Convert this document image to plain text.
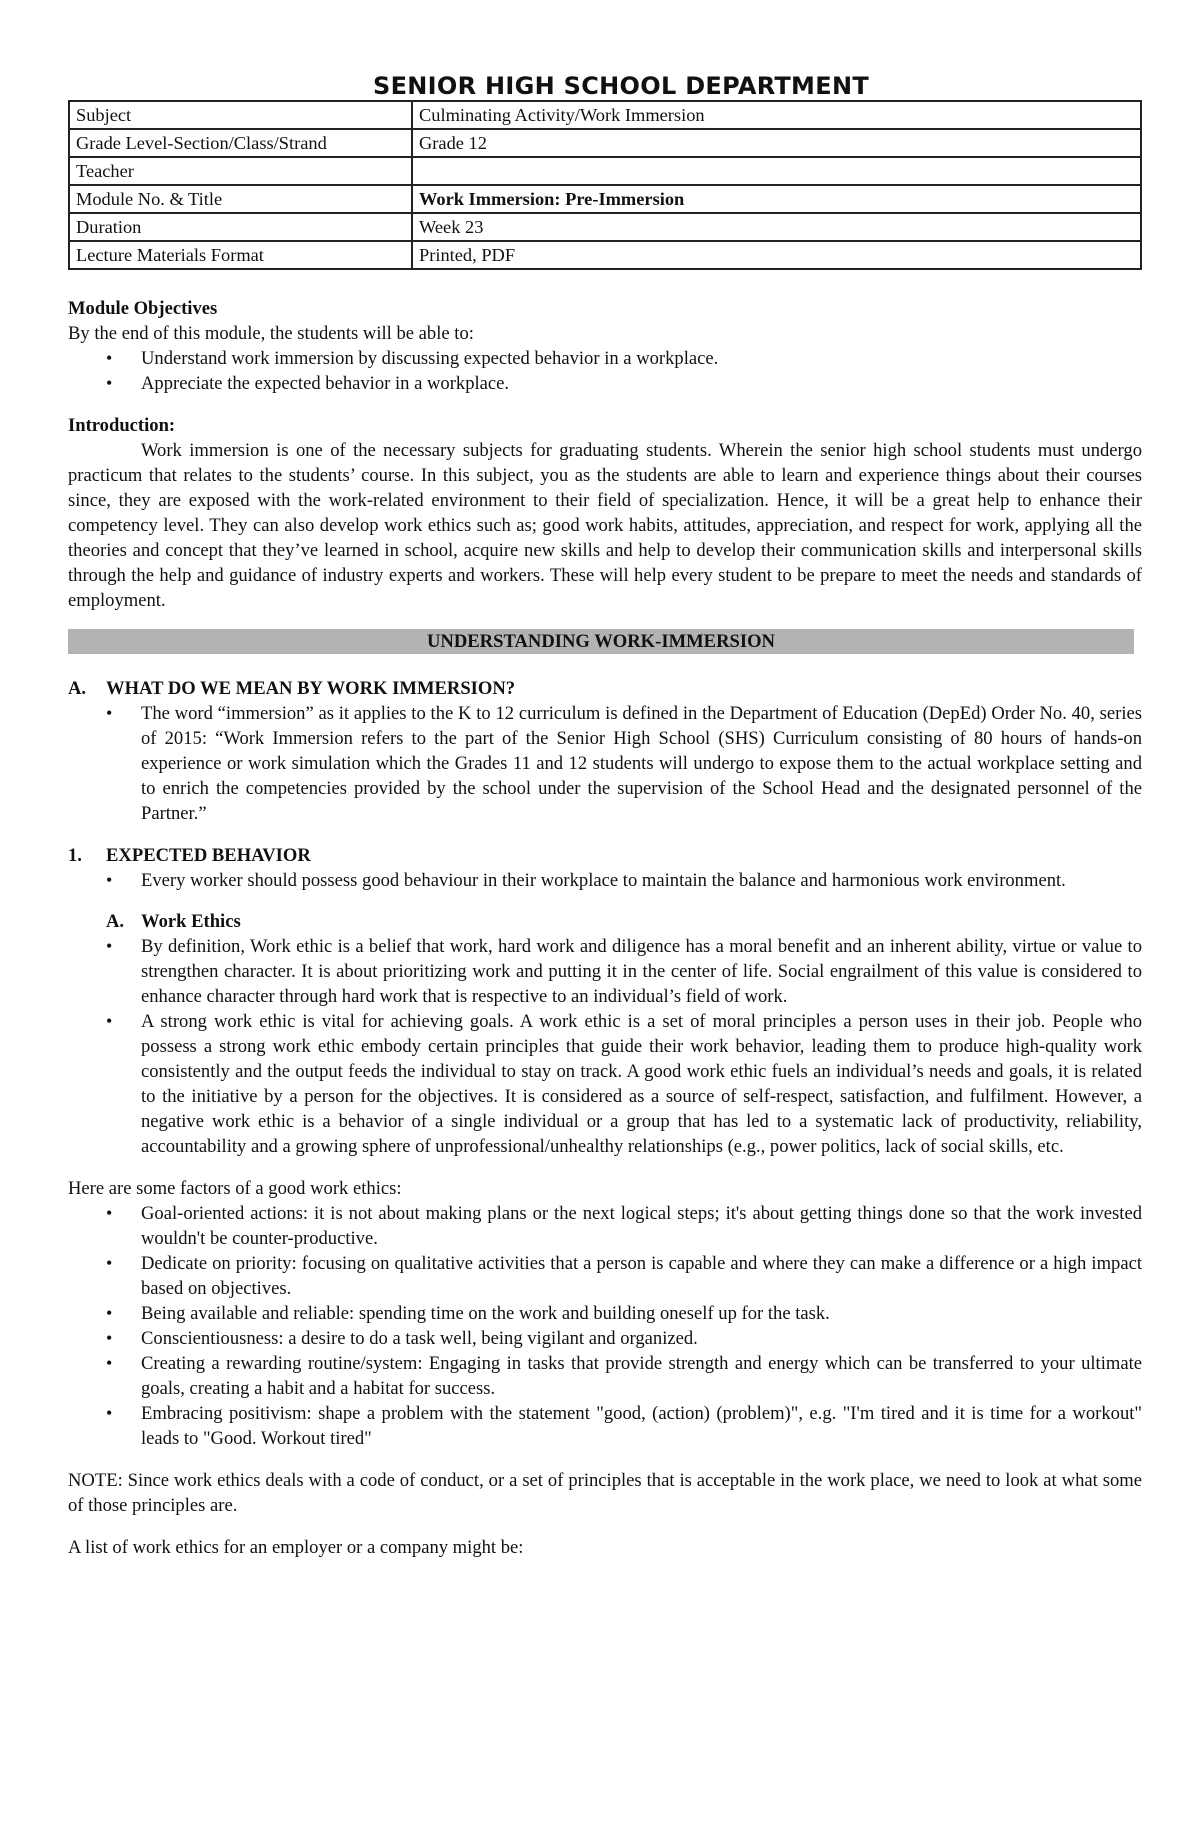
SENIOR HIGH SCHOOL DEPARTMENT
Subject	Culminating Activity/Work Immersion
Grade Level-Section/Class/Strand	Grade 12
Teacher	
Module No. & Title	Work Immersion: Pre-Immersion
Duration	Week 23
Lecture Materials Format	Printed, PDF
Module Objectives

By the end of this module, the students will be able to:

• Understand work immersion by discussing expected behavior in a workplace.
• Appreciate the expected behavior in a workplace.
Introduction:

Work immersion is one of the necessary subjects for graduating students. Wherein the senior high school students must undergo practicum that relates to the students’ course. In this subject, you as the students are able to learn and experience things about their courses since, they are exposed with the work-related environment to their field of specialization. Hence, it will be a great help to enhance their competency level. They can also develop work ethics such as; good work habits, attitudes, appreciation, and respect for work, applying all the theories and concept that they’ve learned in school, acquire new skills and help to develop their communication skills and interpersonal skills through the help and guidance of industry experts and workers. These will help every student to be prepare to meet the needs and standards of employment.

UNDERSTANDING WORK-IMMERSION
A. WHAT DO WE MEAN BY WORK IMMERSION?
• The word “immersion” as it applies to the K to 12 curriculum is defined in the Department of Education (DepEd) Order No. 40, series of 2015: “Work Immersion refers to the part of the Senior High School (SHS) Curriculum consisting of 80 hours of hands-on experience or work simulation which the Grades 11 and 12 students will undergo to expose them to the actual workplace setting and to enrich the competencies provided by the school under the supervision of the School Head and the designated personnel of the Partner.”
1. EXPECTED BEHAVIOR
• Every worker should possess good behaviour in their workplace to maintain the balance and harmonious work environment.
A. Work Ethics
• By definition, Work ethic is a belief that work, hard work and diligence has a moral benefit and an inherent ability, virtue or value to strengthen character. It is about prioritizing work and putting it in the center of life. Social engrailment of this value is considered to enhance character through hard work that is respective to an individual’s field of work.
• A strong work ethic is vital for achieving goals. A work ethic is a set of moral principles a person uses in their job. People who possess a strong work ethic embody certain principles that guide their work behavior, leading them to produce high-quality work consistently and the output feeds the individual to stay on track. A good work ethic fuels an individual’s needs and goals, it is related to the initiative by a person for the objectives. It is considered as a source of self-respect, satisfaction, and fulfilment. However, a negative work ethic is a behavior of a single individual or a group that has led to a systematic lack of productivity, reliability, accountability and a growing sphere of unprofessional/unhealthy relationships (e.g., power politics, lack of social skills, etc.

Here are some factors of a good work ethics:

• Goal-oriented actions: it is not about making plans or the next logical steps; it's about getting things done so that the work invested wouldn't be counter-productive.
• Dedicate on priority: focusing on qualitative activities that a person is capable and where they can make a difference or a high impact based on objectives.
• Being available and reliable: spending time on the work and building oneself up for the task.
• Conscientiousness: a desire to do a task well, being vigilant and organized.
• Creating a rewarding routine/system: Engaging in tasks that provide strength and energy which can be transferred to your ultimate goals, creating a habit and a habitat for success.
• Embracing positivism: shape a problem with the statement "good, (action) (problem)", e.g. "I'm tired and it is time for a workout" leads to "Good. Workout tired"

NOTE: Since work ethics deals with a code of conduct, or a set of principles that is acceptable in the work place, we need to look at what some of those principles are.

A list of work ethics for an employer or a company might be:
